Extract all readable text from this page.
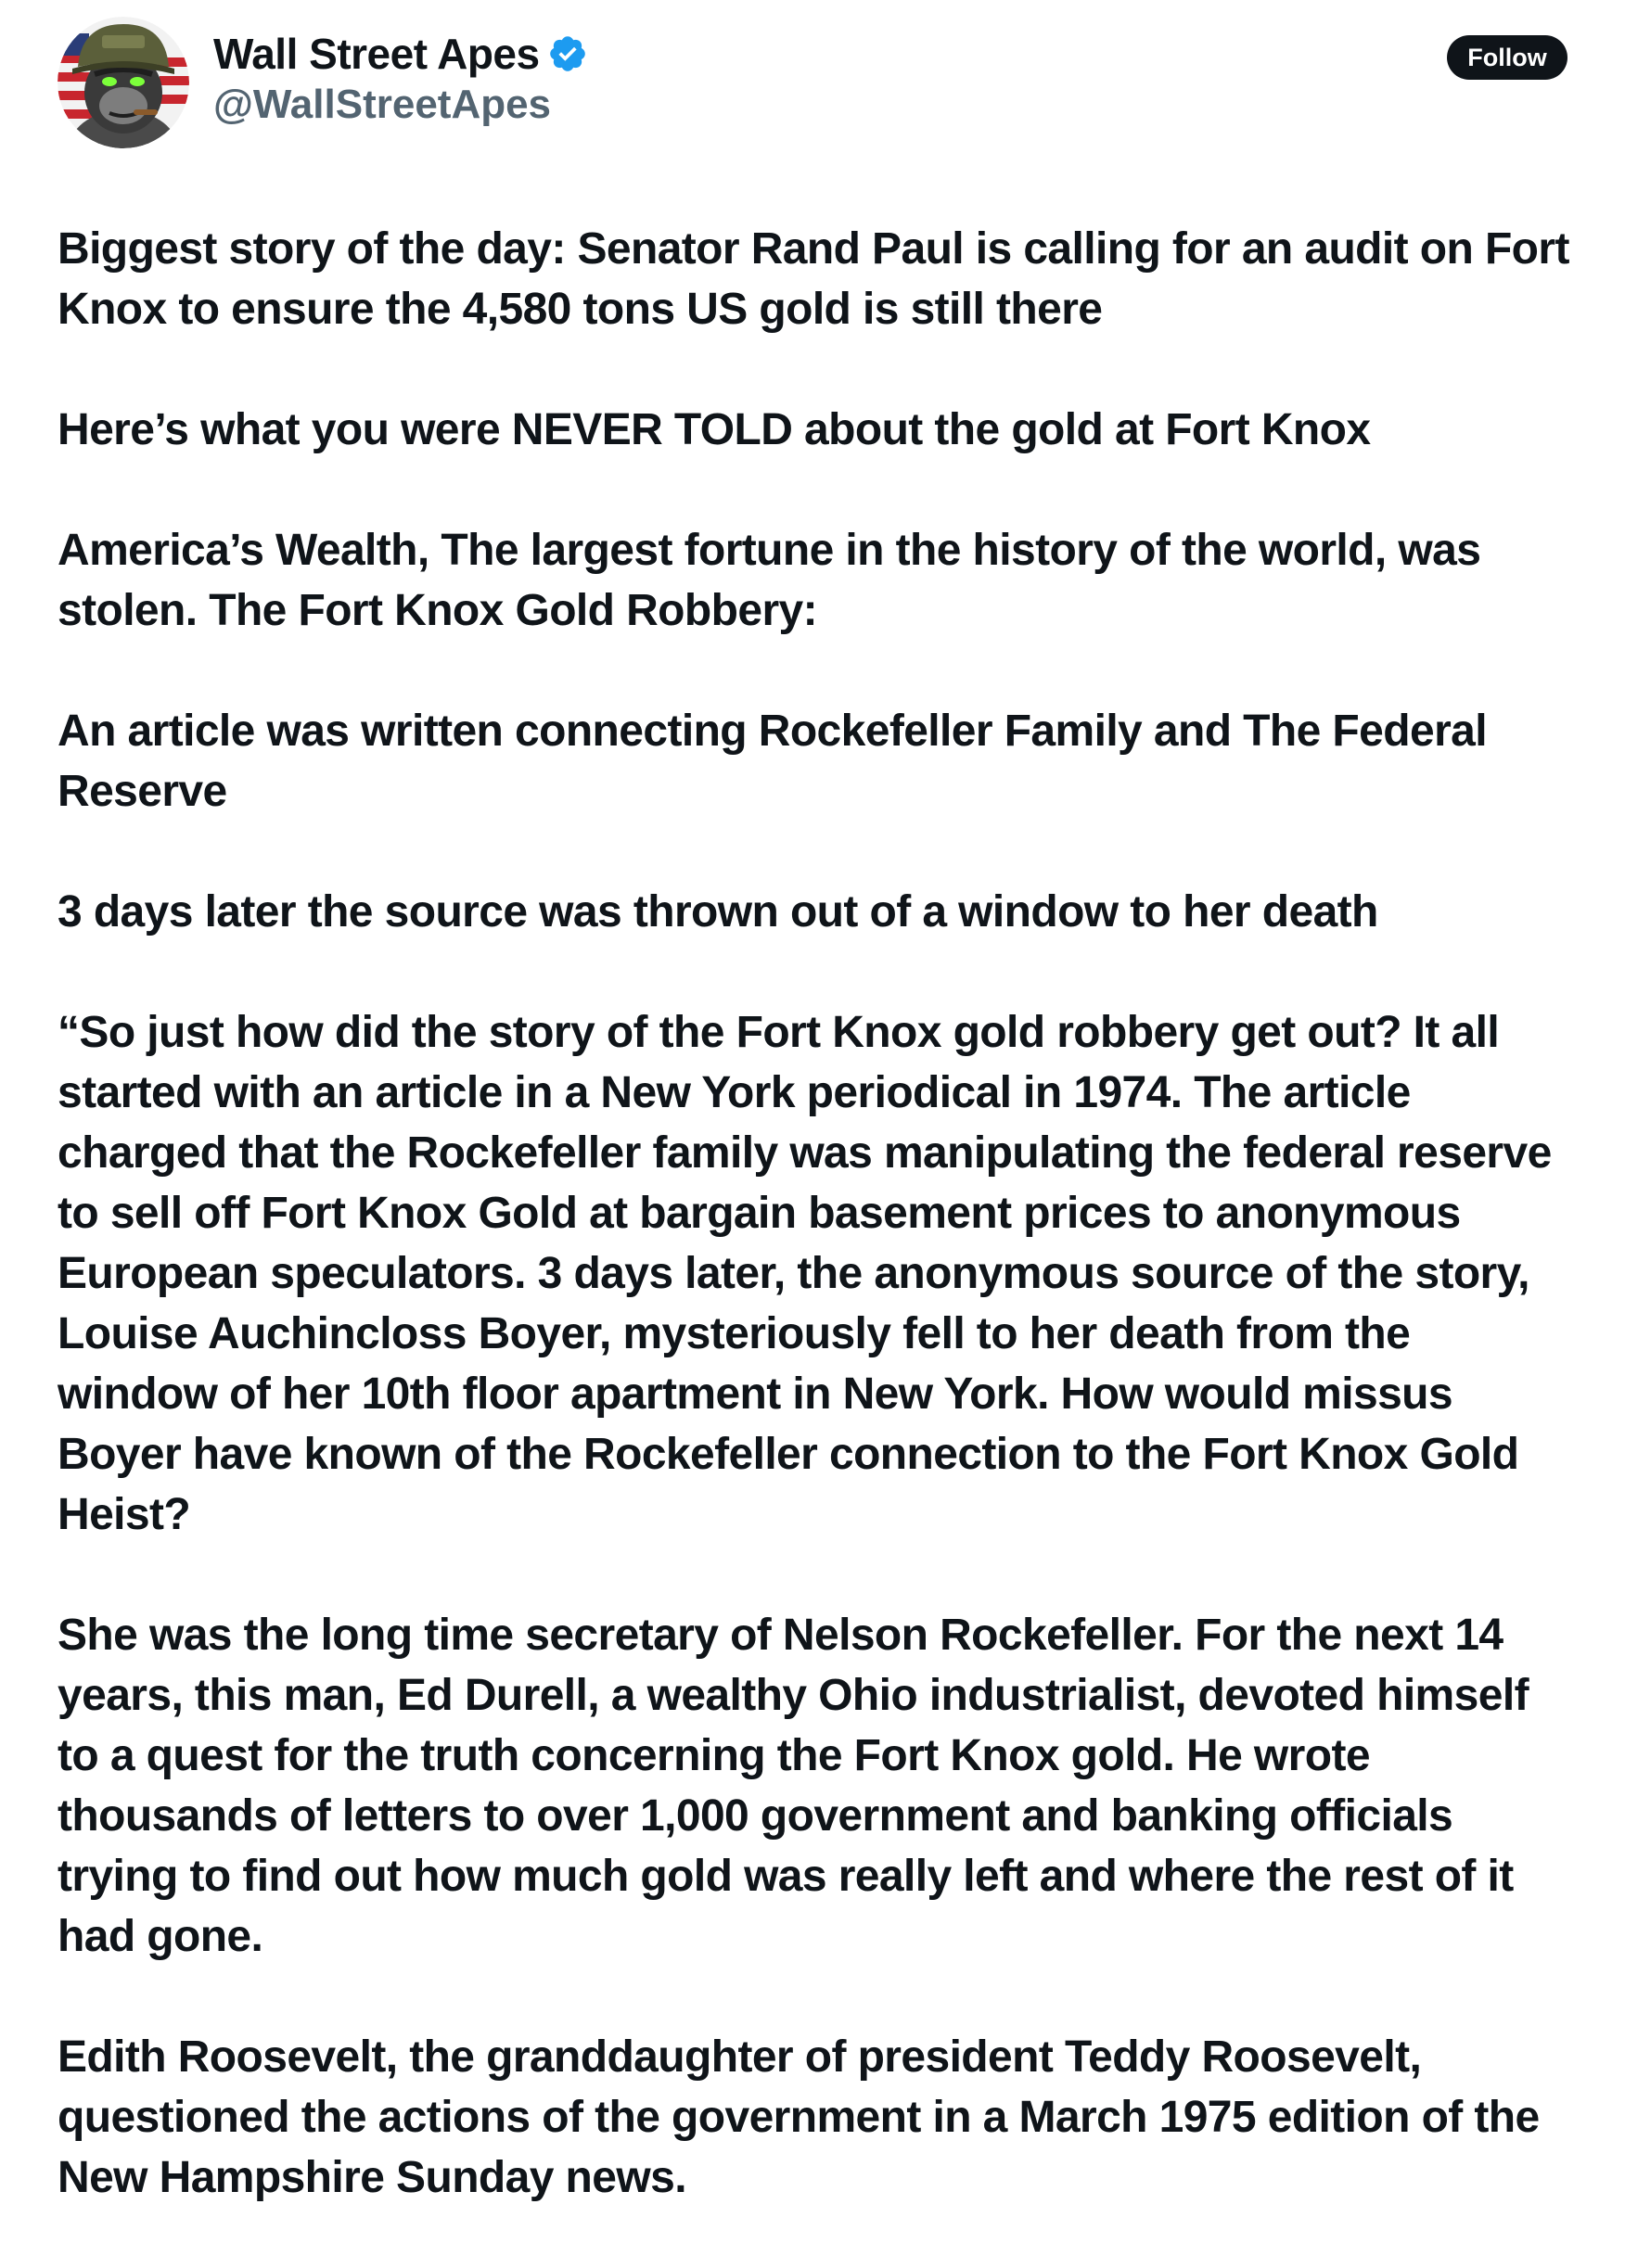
Wall Street Apes
@WallStreetApes
Follow

Biggest story of the day: Senator Rand Paul is calling for an audit on Fort Knox to ensure the 4,580 tons US gold is still there

Here’s what you were NEVER TOLD about the gold at Fort Knox

America’s Wealth, The largest fortune in the history of the world, was stolen. The Fort Knox Gold Robbery:

An article was written connecting Rockefeller Family and The Federal Reserve

3 days later the source was thrown out of a window to her death

“So just how did the story of the Fort Knox gold robbery get out? It all started with an article in a New York periodical in 1974. The article charged that the Rockefeller family was manipulating the federal reserve to sell off Fort Knox Gold at bargain basement prices to anonymous European speculators. 3 days later, the anonymous source of the story, Louise Auchincloss Boyer, mysteriously fell to her death from the window of her 10th floor apartment in New York. How would missus Boyer have known of the Rockefeller connection to the Fort Knox Gold Heist?

She was the long time secretary of Nelson Rockefeller. For the next 14 years, this man, Ed Durell, a wealthy Ohio industrialist, devoted himself to a quest for the truth concerning the Fort Knox gold. He wrote thousands of letters to over 1,000 government and banking officials trying to find out how much gold was really left and where the rest of it had gone.

Edith Roosevelt, the granddaughter of president Teddy Roosevelt, questioned the actions of the government in a March 1975 edition of the New Hampshire Sunday news.
